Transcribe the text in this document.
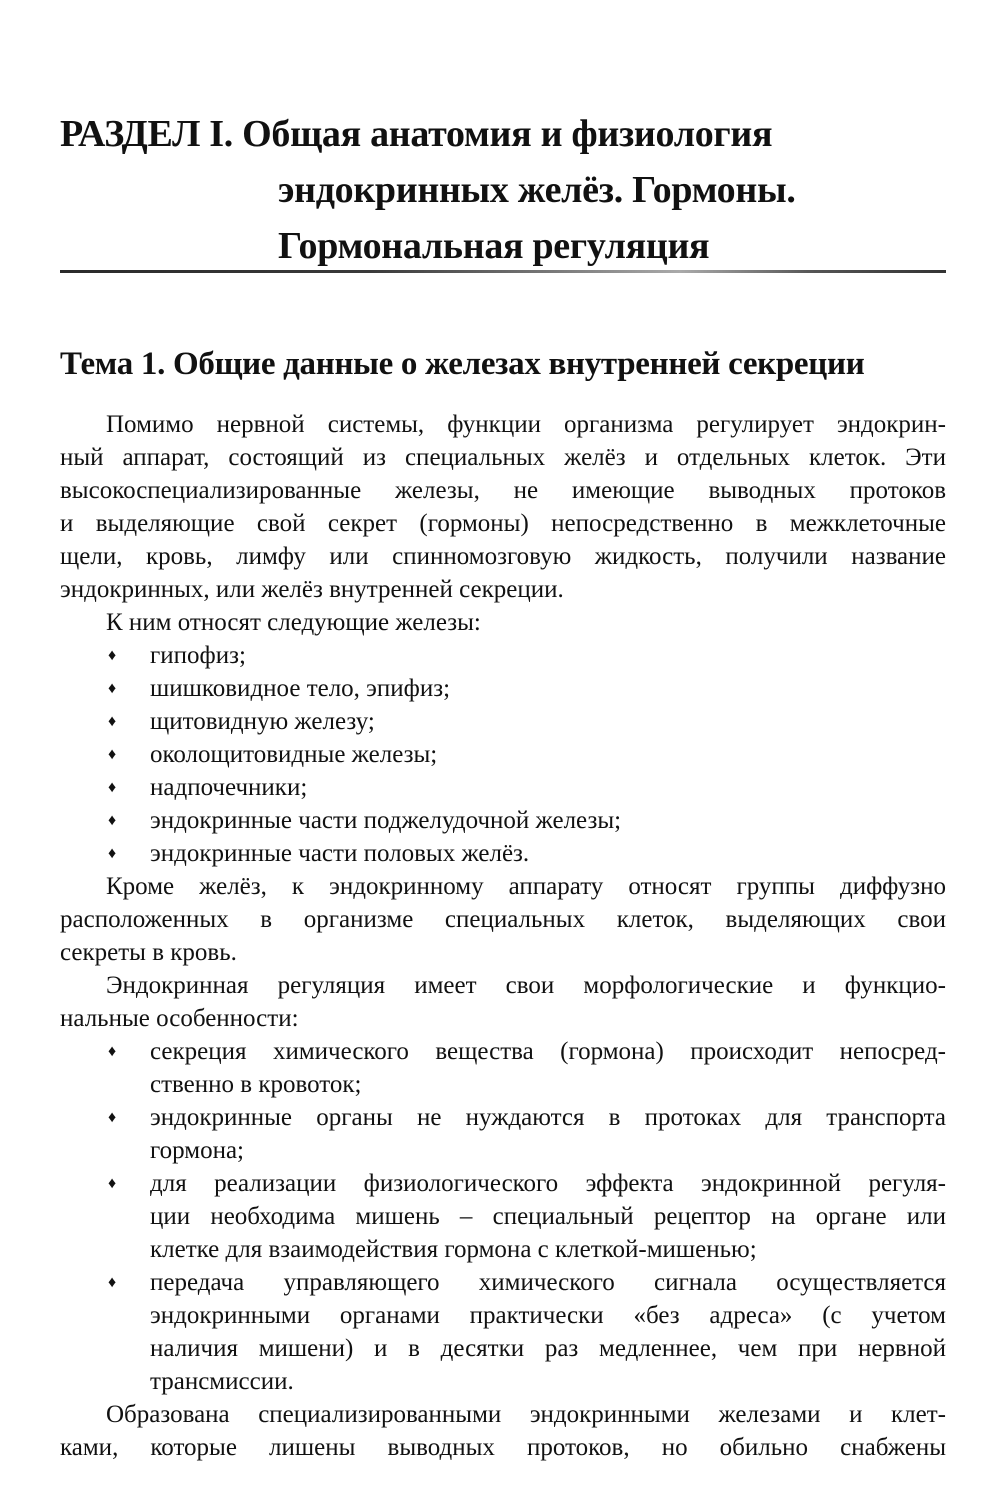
РАЗДЕЛ I. Общая анатомия и физиология
эндокринных желёз. Гормоны.
Гормональная регуляция
Тема 1. Общие данные о железах внутренней секреции

Помимо нервной системы, функции организма регулирует эндокрин-
ный аппарат, состоящий из специальных желёз и отдельных клеток. Эти
высокоспециализированные железы, не имеющие выводных протоков
и выделяющие свой секрет (гормоны) непосредственно в межклеточные
щели, кровь, лимфу или спинномозговую жидкость, получили название
эндокринных, или желёз внутренней секреции.

К ним относят следующие железы:

♦ гипофиз;
♦ шишковидное тело, эпифиз;
♦ щитовидную железу;
♦ околощитовидные железы;
♦ надпочечники;
♦ эндокринные части поджелудочной железы;
♦ эндокринные части половых желёз.

Кроме желёз, к эндокринному аппарату относят группы диффузно
расположенных в организме специальных клеток, выделяющих свои
секреты в кровь.

Эндокринная регуляция имеет свои морфологические и функцио-
нальные особенности:

♦ секреция химического вещества (гормона) происходит непосред-
ственно в кровоток;
♦ эндокринные органы не нуждаются в протоках для транспорта
гормона;
♦ для реализации физиологического эффекта эндокринной регуля-
ции необходима мишень – специальный рецептор на органе или
клетке для взаимодействия гормона с клеткой-мишенью;
♦ передача управляющего химического сигнала осуществляется
эндокринными органами практически «без адреса» (с учетом
наличия мишени) и в десятки раз медленнее, чем при нервной
трансмиссии.

Образована специализированными эндокринными железами и клет-
ками, которые лишены выводных протоков, но обильно снабжены
